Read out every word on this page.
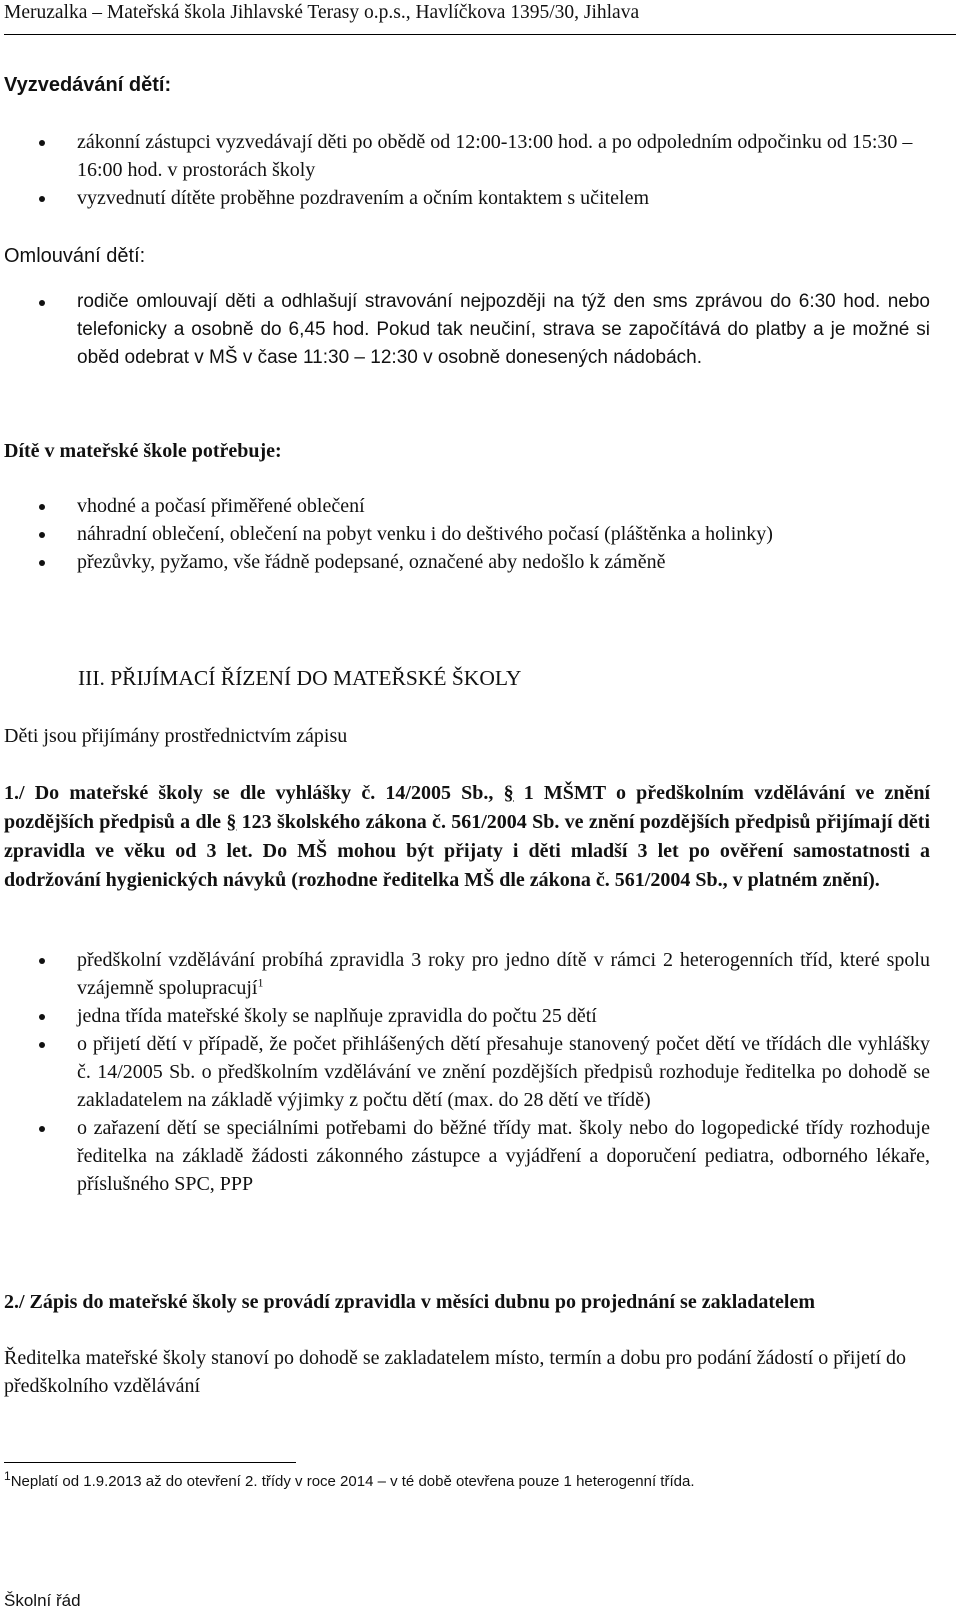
Meruzalka – Mateřská škola Jihlavské Terasy o.p.s., Havlíčkova 1395/30, Jihlava
Vyzvedávání dětí:
zákonní zástupci vyzvedávají děti po obědě od 12:00-13:00 hod. a po odpoledním odpočinku od 15:30 – 16:00 hod. v prostorách školy
vyzvednutí dítěte proběhne pozdravením a očním kontaktem s učitelem
Omlouvání dětí:
rodiče omlouvají děti a odhlašují stravování nejpozději na týž den sms zprávou do 6:30 hod. nebo telefonicky a osobně do 6,45 hod. Pokud tak neučiní, strava se započítává do platby a je možné si oběd odebrat v MŠ v čase 11:30 – 12:30 v osobně donesených nádobách.
Dítě v mateřské škole potřebuje:
vhodné a počasí přiměřené oblečení
náhradní oblečení, oblečení na pobyt venku i do deštivého počasí (pláštěnka a holinky)
přezůvky, pyžamo, vše řádně podepsané, označené aby nedošlo k záměně
III. PŘIJÍMACÍ ŘÍZENÍ DO MATEŘSKÉ ŠKOLY
Děti jsou přijímány prostřednictvím zápisu
1./ Do mateřské školy se dle vyhlášky č. 14/2005 Sb., § 1 MŠMT o předškolním vzdělávání ve znění pozdějších předpisů a dle § 123 školského zákona č. 561/2004 Sb. ve znění pozdějších předpisů přijímají děti zpravidla ve věku od 3 let. Do MŠ mohou být přijaty i děti mladší 3 let po ověření samostatnosti a dodržování hygienických návyků (rozhodne ředitelka MŠ dle zákona č. 561/2004 Sb., v platném znění).
předškolní vzdělávání probíhá zpravidla 3 roky pro jedno dítě v rámci 2 heterogenních tříd, které spolu vzájemně spolupracují$^1$
jedna třída mateřské školy se naplňuje zpravidla do počtu 25 dětí
o přijetí dětí v případě, že počet přihlášených dětí přesahuje stanovený počet dětí ve třídách dle vyhlášky č. 14/2005 Sb. o předškolním vzdělávání ve znění pozdějších předpisů rozhoduje ředitelka po dohodě se zakladatelem na základě výjimky z počtu dětí (max. do 28 dětí ve třídě)
o zařazení dětí se speciálními potřebami do běžné třídy mat. školy nebo do logopedické třídy rozhoduje ředitelka na základě žádosti zákonného zástupce a vyjádření a doporučení pediatra, odborného lékaře, příslušného SPC, PPP
2./ Zápis do mateřské školy se provádí zpravidla v měsíci dubnu po projednání se zakladatelem
Ředitelka mateřské školy stanoví po dohodě se zakladatelem místo, termín a dobu pro podání žádostí o přijetí do předškolního vzdělávání
$^1$Neplatí od 1.9.2013 až do otevření 2. třídy v roce 2014 – v té době otevřena pouze 1 heterogenní třída.
Školní řád
